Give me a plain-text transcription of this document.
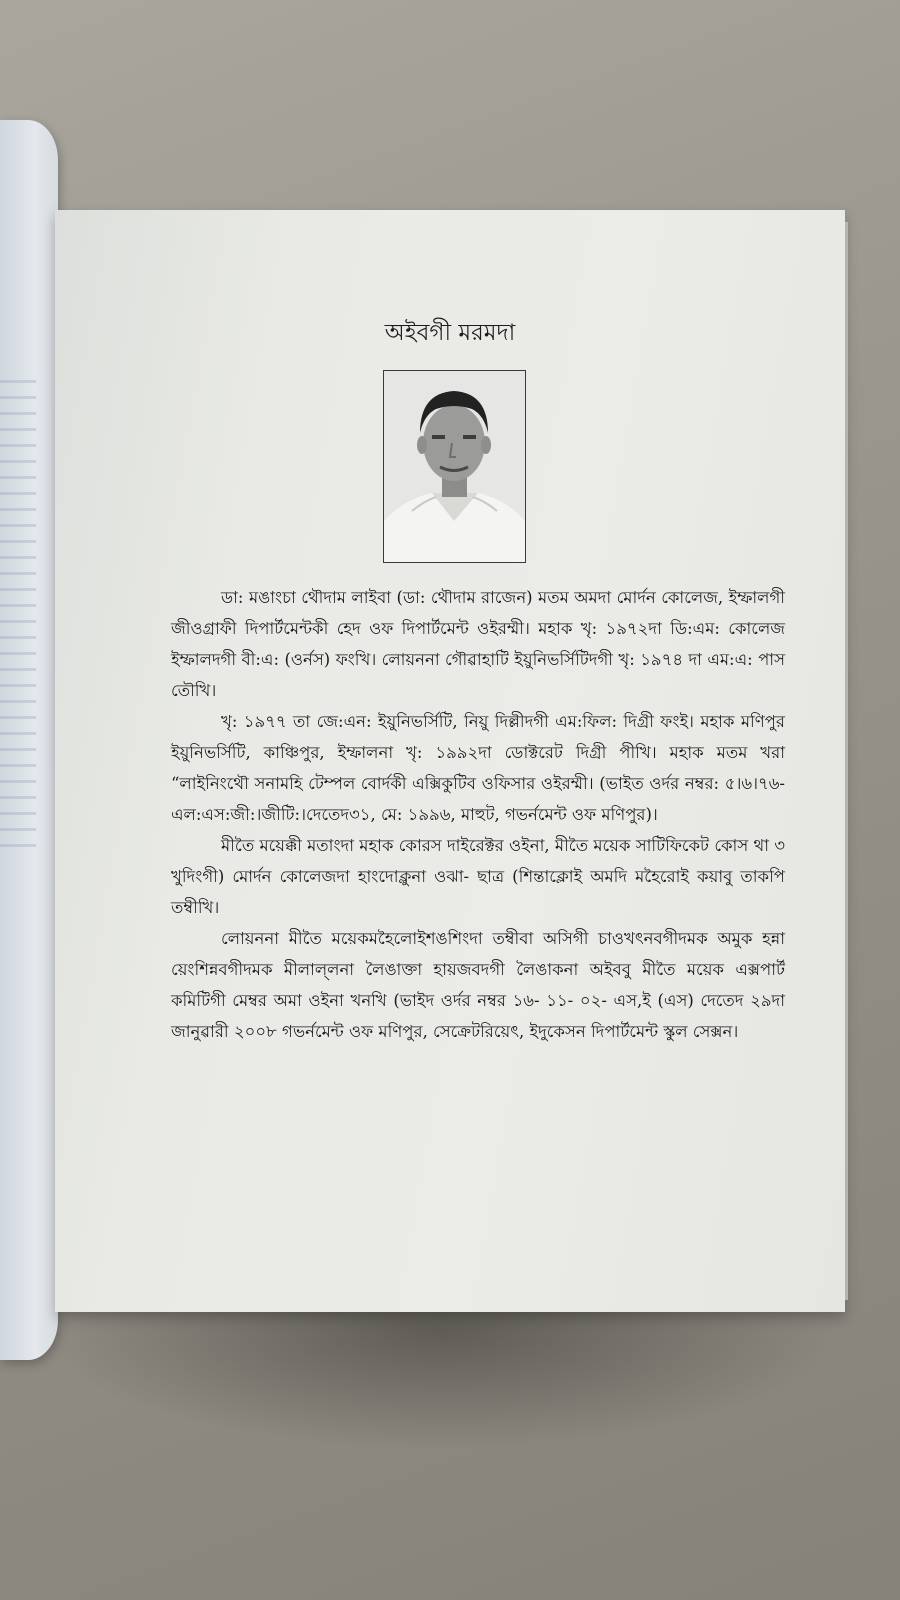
অইবগী মরমদা

ডা: মঙাংচা থৌদাম লাইবা (ডা: থৌদাম রাজেন) মতম অমদা মোর্দন কোলেজ, ইম্ফালগী জীওগ্রাফী দিপার্টমেন্টকী হেদ ওফ দিপার্টমেন্ট ওইরম্মী। মহাক খৃ: ১৯৭২দা ডি:এম: কোলেজ ইম্ফালদগী বী:এ: (ওর্নস) ফংখি। লোয়ননা গৌৱাহাটি ইয়ুনিভর্সিটিদগী খৃ: ১৯৭৪ দা এম:এ: পাস তৌখি।

খৃ: ১৯৭৭ তা জে:এন: ইয়ুনিভর্সিটি, নিয়ু দিল্লীদগী এম:ফিল: দিগ্রী ফংই। মহাক মণিপুর ইয়ুনিভর্সিটি, কাঞ্চিপুর, ইম্ফালনা খৃ: ১৯৯২দা ডোক্টরেট দিগ্রী পীখি। মহাক মতম খরা “লাইনিংথৌ সনামহি টেম্পল বোর্দকী এক্সিকুটিব ওফিসার ওইরম্মী। (ভাইত ওর্দর নম্বর: ৫।৬।৭৬- এল:এস:জী:।জীটি:।দেতেদ৩১, মে: ১৯৯৬, মাহুট, গভর্নমেন্ট ওফ মণিপুর)।

মীতৈ ময়েক্কী মতাংদা মহাক কোরস দাইরেক্টর ওইনা, মীতৈ ময়েক সাটিফিকেট কোস থা ৩ খুদিংগী) মোর্দন কোলেজদা হাংদোক্লুনা ওঝা- ছাত্র (শিন্তাক্লোই অমদি মহৈরোই কয়াবু তাকপি তম্বীখি।

লোয়ননা মীতৈ ময়েকমহৈলোইশঙশিংদা তম্বীবা অসিগী চাওখৎনবগীদমক অমুক হন্না য়েংশিন্নবগীদমক মীলাল্‌লনা লৈঙাক্তা হায়জবদগী লৈঙাকনা অইববু মীতৈ ময়েক এক্সপার্ট কমিটিগী মেম্বর অমা ওইনা খনখি (ভাইদ ওর্দর নম্বর ১৬- ১১- ০২- এস,ই (এস) দেতেদ ২৯দা জানুৱারী ২০০৮ গভর্নমেন্ট ওফ মণিপুর, সেক্রেটরিয়েৎ, ইদুকেসন দিপার্টমেন্ট স্কুল সেক্সন।
